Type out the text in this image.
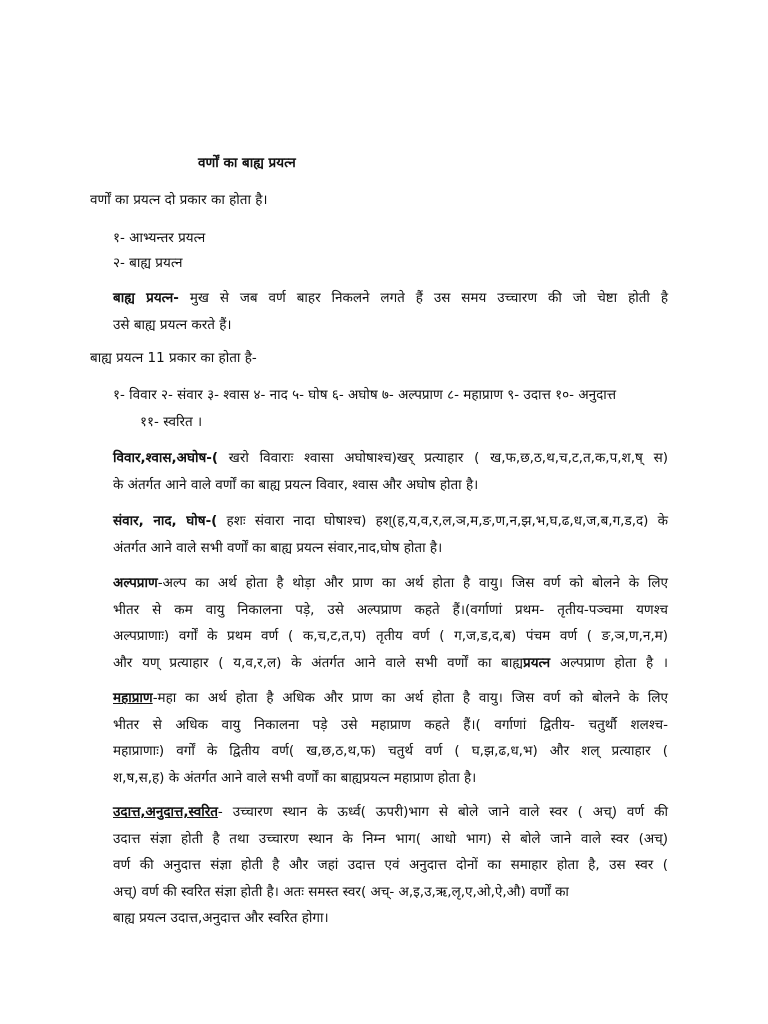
वर्णों का बाह्य प्रयत्न
वर्णों का प्रयत्न दो प्रकार का होता है।
१- आभ्यन्तर प्रयत्न
२- बाह्य प्रयत्न
बाह्य प्रयत्न- मुख से जब वर्ण बाहर निकलने लगते हैं उस समय उच्चारण की जो चेष्टा होती है
उसे बाह्य प्रयत्न करते हैं।
बाह्य प्रयत्न 11 प्रकार का होता है-
१- विवार २- संवार ३- श्वास ४- नाद ५- घोष ६- अघोष ७- अल्पप्राण ८- महाप्राण ९- उदात्त १०- अनुदात्त
११- स्वरित ।
विवार,श्वास,अघोष-( खरो विवाराः श्वासा अघोषाश्च)खर् प्रत्याहार ( ख,फ,छ,ठ,थ,च,ट,त,क,प,श,ष् स)
के अंतर्गत आने वाले वर्णों का बाह्य प्रयत्न विवार, श्वास और अघोष होता है।
संवार, नाद, घोष-( हशः संवारा नादा घोषाश्च) हश्(ह,य,व,र,ल,ञ,म,ङ,ण,न,झ,भ,घ,ढ,ध,ज,ब,ग,ड,द) के
अंतर्गत आने वाले सभी वर्णों का बाह्य प्रयत्न संवार,नाद,घोष होता है।
अल्पप्राण-अल्प का अर्थ होता है थोड़ा और प्राण का अर्थ होता है वायु। जिस वर्ण को बोलने के लिए
भीतर से कम वायु निकालना पड़े, उसे अल्पप्राण कहते हैं।(वर्गाणां प्रथम- तृतीय-पञ्चमा यणश्च
अल्पप्राणाः) वर्गों के प्रथम वर्ण ( क,च,ट,त,प) तृतीय वर्ण ( ग,ज,ड,द,ब) पंचम वर्ण ( ङ,ञ,ण,न,म)
और यण् प्रत्याहार ( य,व,र,ल) के अंतर्गत आने वाले सभी वर्णों का बाह्यप्रयत्न अल्पप्राण होता है ।
महाप्राण-महा का अर्थ होता है अधिक और प्राण का अर्थ होता है वायु। जिस वर्ण को बोलने के लिए
भीतर से अधिक वायु निकालना पड़े उसे महाप्राण कहते हैं।( वर्गाणां द्वितीय- चतुर्थौ शलश्च-
महाप्राणाः) वर्गों के द्वितीय वर्ण( ख,छ,ठ,थ,फ) चतुर्थ वर्ण ( घ,झ,ढ,ध,भ) और शल् प्रत्याहार (
श,ष,स,ह) के अंतर्गत आने वाले सभी वर्णों का बाह्यप्रयत्न महाप्राण होता है।
उदात्त,अनुदात्त,स्वरित- उच्चारण स्थान के ऊर्ध्व( ऊपरी)भाग से बोले जाने वाले स्वर ( अच्) वर्ण की
उदात्त संज्ञा होती है तथा उच्चारण स्थान के निम्न भाग( आधो भाग) से बोले जाने वाले स्वर (अच्)
वर्ण की अनुदात्त संज्ञा होती है और जहां उदात्त एवं अनुदात्त दोनों का समाहार होता है, उस स्वर (
अच्) वर्ण की स्वरित संज्ञा होती है। अतः समस्त स्वर( अच्- अ,इ,उ,ऋ,लृ,ए,ओ,ऐ,औ) वर्णों का
बाह्य प्रयत्न उदात्त,अनुदात्त और स्वरित होगा।
